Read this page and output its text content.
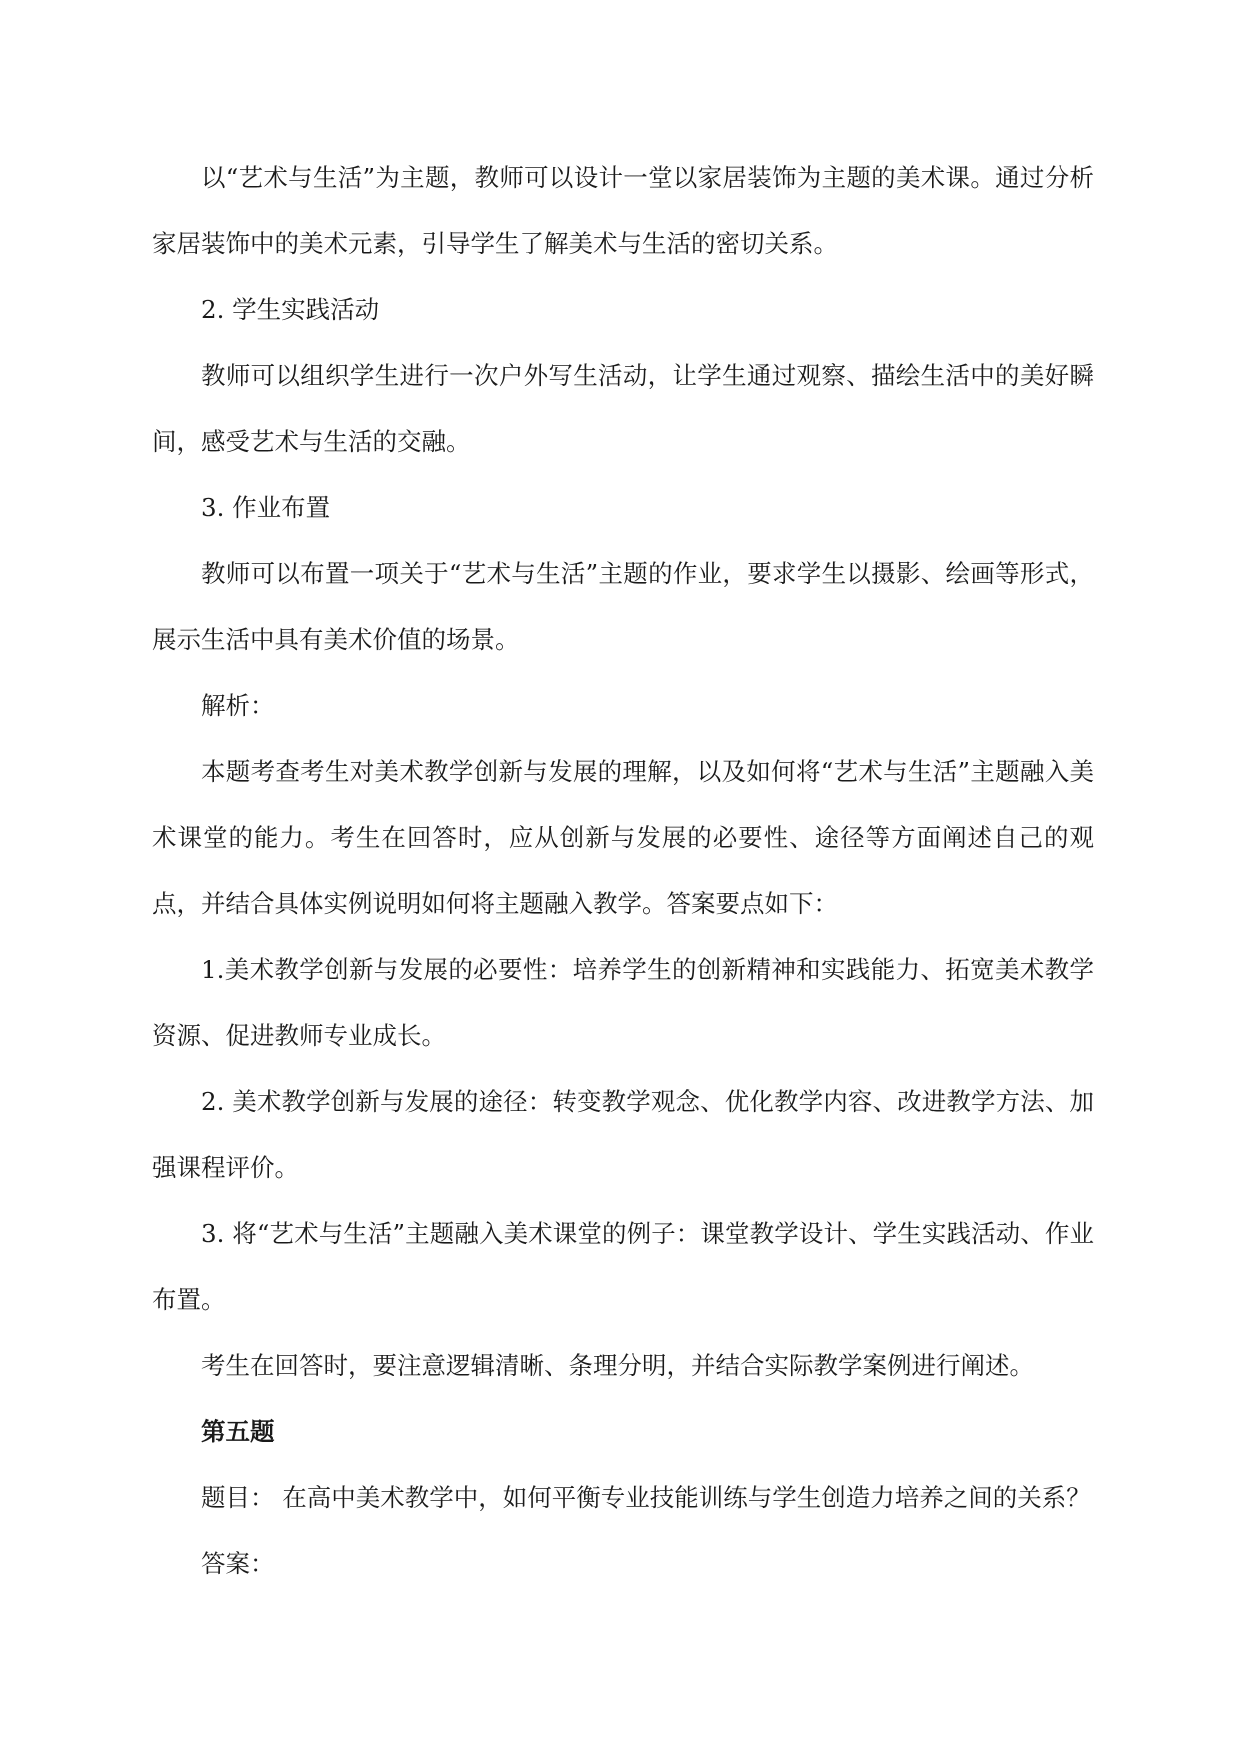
以“艺术与生活”为主题，教师可以设计一堂以家居装饰为主题的美术课。通过分析家居装饰中的美术元素，引导学生了解美术与生活的密切关系。

2. 学生实践活动

教师可以组织学生进行一次户外写生活动，让学生通过观察、描绘生活中的美好瞬间，感受艺术与生活的交融。

3. 作业布置

教师可以布置一项关于“艺术与生活”主题的作业，要求学生以摄影、绘画等形式，展示生活中具有美术价值的场景。

解析：

本题考查考生对美术教学创新与发展的理解，以及如何将“艺术与生活”主题融入美术课堂的能力。考生在回答时，应从创新与发展的必要性、途径等方面阐述自己的观点，并结合具体实例说明如何将主题融入教学。答案要点如下：

1.美术教学创新与发展的必要性：培养学生的创新精神和实践能力、拓宽美术教学资源、促进教师专业成长。

2. 美术教学创新与发展的途径：转变教学观念、优化教学内容、改进教学方法、加强课程评价。

3. 将“艺术与生活”主题融入美术课堂的例子：课堂教学设计、学生实践活动、作业布置。

考生在回答时，要注意逻辑清晰、条理分明，并结合实际教学案例进行阐述。

第五题

题目： 在高中美术教学中，如何平衡专业技能训练与学生创造力培养之间的关系？

答案：
